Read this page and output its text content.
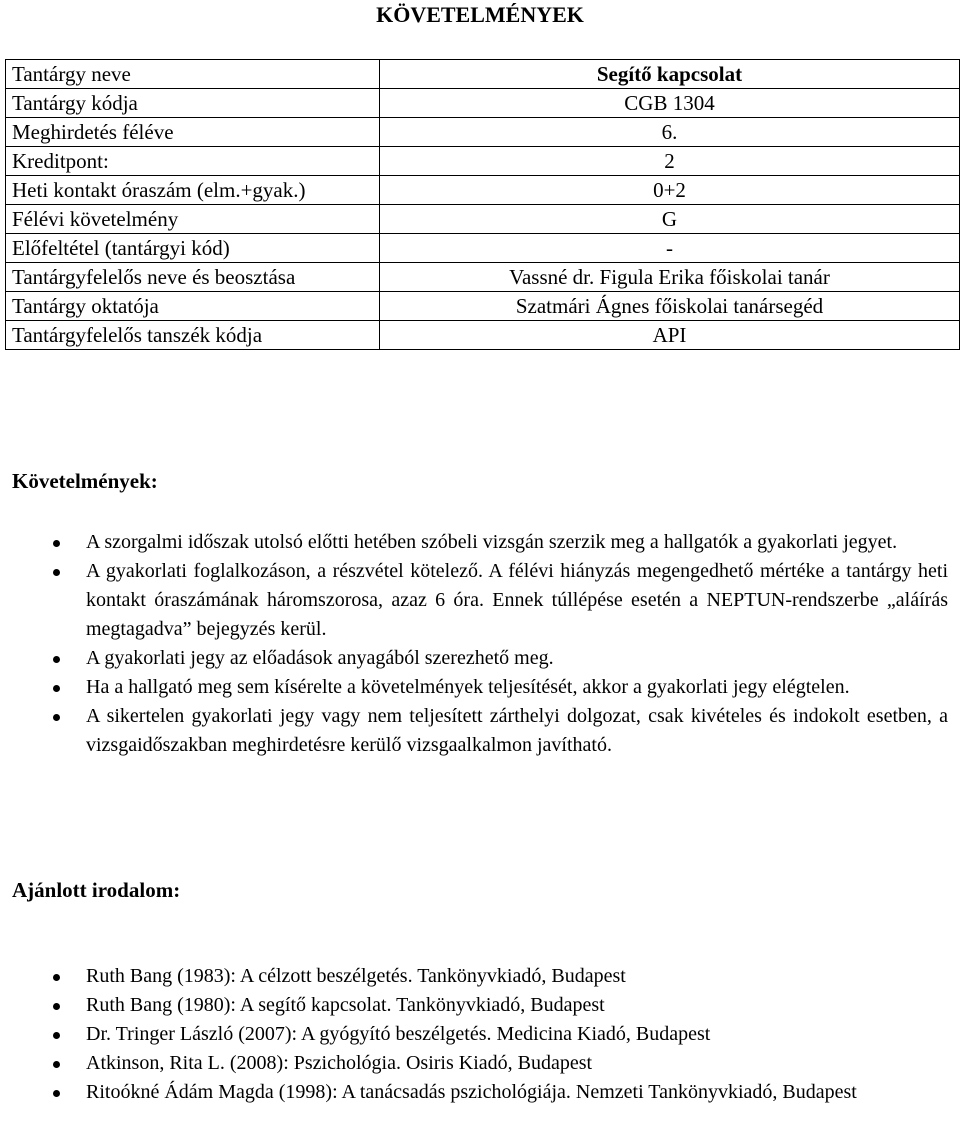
KÖVETELMÉNYEK
Tantárgy neve	Segítő kapcsolat
Tantárgy kódja	CGB 1304
Meghirdetés féléve	6.
Kreditpont:	2
Heti kontakt óraszám (elm.+gyak.)	0+2
Félévi követelmény	G
Előfeltétel (tantárgyi kód)	-
Tantárgyfelelős neve és beosztása	Vassné dr. Figula Erika főiskolai tanár
Tantárgy oktatója	Szatmári Ágnes főiskolai tanársegéd
Tantárgyfelelős tanszék kódja	API
Követelmények:
A szorgalmi időszak utolsó előtti hetében szóbeli vizsgán szerzik meg a hallgatók a gyakorlati jegyet.
A gyakorlati foglalkozáson, a részvétel kötelező. A félévi hiányzás megengedhető mértéke a tantárgy heti kontakt óraszámának háromszorosa, azaz 6 óra. Ennek túllépése esetén a NEPTUN-rendszerbe „aláírás megtagadva” bejegyzés kerül.
A gyakorlati jegy az előadások anyagából szerezhető meg.
Ha a hallgató meg sem kísérelte a követelmények teljesítését, akkor a gyakorlati jegy elégtelen.
A sikertelen gyakorlati jegy vagy nem teljesített zárthelyi dolgozat, csak kivételes és indokolt esetben, a vizsgaidőszakban meghirdetésre kerülő vizsgaalkalmon javítható.
Ajánlott irodalom:
Ruth Bang (1983): A célzott beszélgetés. Tankönyvkiadó, Budapest
Ruth Bang (1980): A segítő kapcsolat. Tankönyvkiadó, Budapest
Dr. Tringer László (2007): A gyógyító beszélgetés. Medicina Kiadó, Budapest
Atkinson, Rita L. (2008): Pszichológia. Osiris Kiadó, Budapest
Ritoókné Ádám Magda (1998): A tanácsadás pszichológiája. Nemzeti Tankönyvkiadó, Budapest
